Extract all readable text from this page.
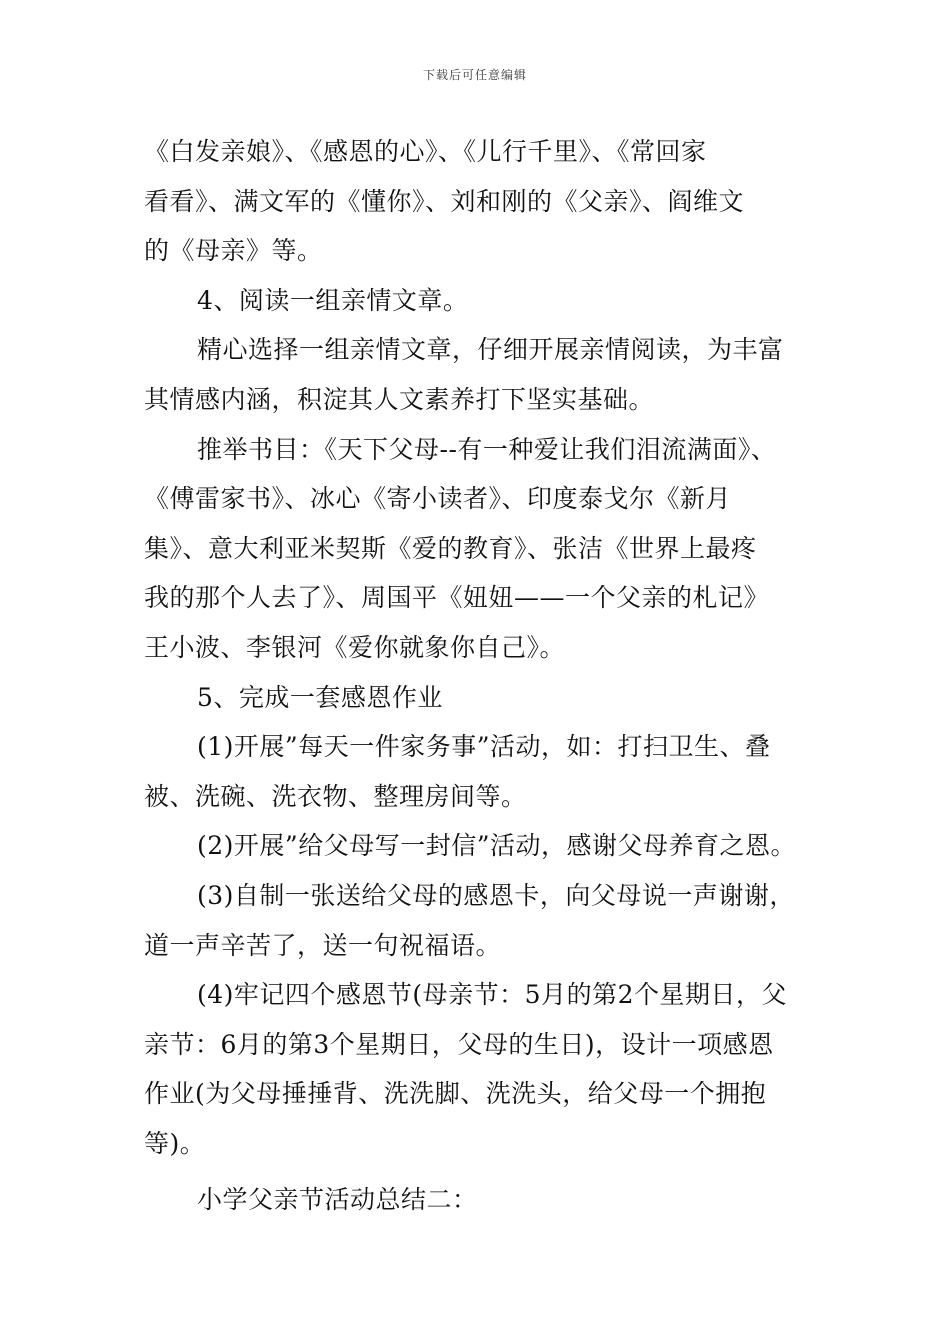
下载后可任意编辑
《白发亲娘》、《感恩的心》、《儿行千里》、《常回家
看看》、满文军的《懂你》、刘和刚的《父亲》、阎维文
的《母亲》等。
4、阅读一组亲情文章。
精心选择一组亲情文章，仔细开展亲情阅读，为丰富
其情感内涵，积淀其人文素养打下坚实基础。
推举书目：《天下父母--有一种爱让我们泪流满面》、
《傅雷家书》、冰心《寄小读者》、印度泰戈尔《新月
集》、意大利亚米契斯《爱的教育》、张洁《世界上最疼
我的那个人去了》、周国平《妞妞——一个父亲的札记》
王小波、李银河《爱你就象你自己》。
5、完成一套感恩作业
(1)开展”每天一件家务事”活动，如：打扫卫生、叠
被、洗碗、洗衣物、整理房间等。
(2)开展”给父母写一封信”活动，感谢父母养育之恩。
(3)自制一张送给父母的感恩卡，向父母说一声谢谢，
道一声辛苦了，送一句祝福语。
(4)牢记四个感恩节(母亲节：5月的第2个星期日，父
亲节：6月的第3个星期日，父母的生日)，设计一项感恩
作业(为父母捶捶背、洗洗脚、洗洗头，给父母一个拥抱
等)。
小学父亲节活动总结二：
